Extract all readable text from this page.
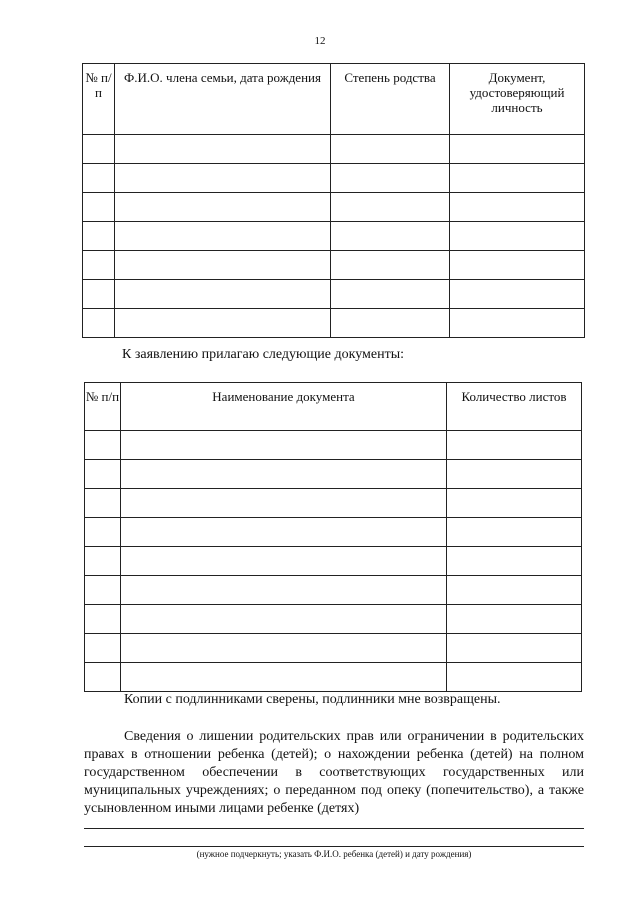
12
№ п/п	Ф.И.О. члена семьи, дата рождения	Степень родства	Документ, удостоверяющий личность

К заявлению прилагаю следующие документы:
№ п/п	Наименование документа	Количество листов

Копии с подлинниками сверены, подлинники мне возвращены.
Сведения о лишении родительских прав или ограничении в родительских правах в отношении ребенка (детей); о нахождении ребенка (детей) на полном государственном обеспечении в соответствующих государственных или муниципальных учреждениях; о переданном под опеку (попечительство), а также усыновленном иными лицами ребенке (детях)
(нужное подчеркнуть; указать Ф.И.О. ребенка (детей) и дату рождения)
